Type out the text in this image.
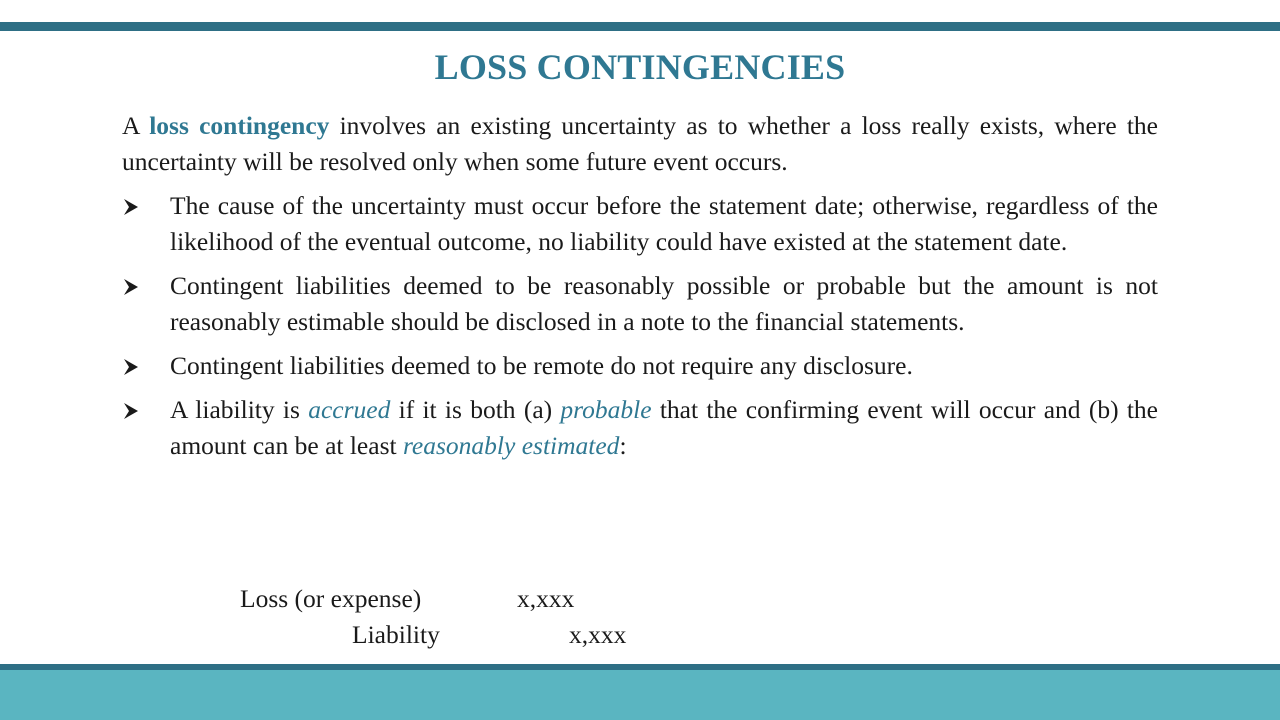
LOSS CONTINGENCIES

A loss contingency involves an existing uncertainty as to whether a loss really exists, where the uncertainty will be resolved only when some future event occurs.

The cause of the uncertainty must occur before the statement date; otherwise, regardless of the likelihood of the eventual outcome, no liability could have existed at the statement date.
Contingent liabilities deemed to be reasonably possible or probable but the amount is not reasonably estimable should be disclosed in a note to the financial statements.
Contingent liabilities deemed to be remote do not require any disclosure.
A liability is accrued if it is both (a) probable that the confirming event will occur and (b) the amount can be at least reasonably estimated:
Loss (or expense)	x,xxx
Liability	x,xxx
